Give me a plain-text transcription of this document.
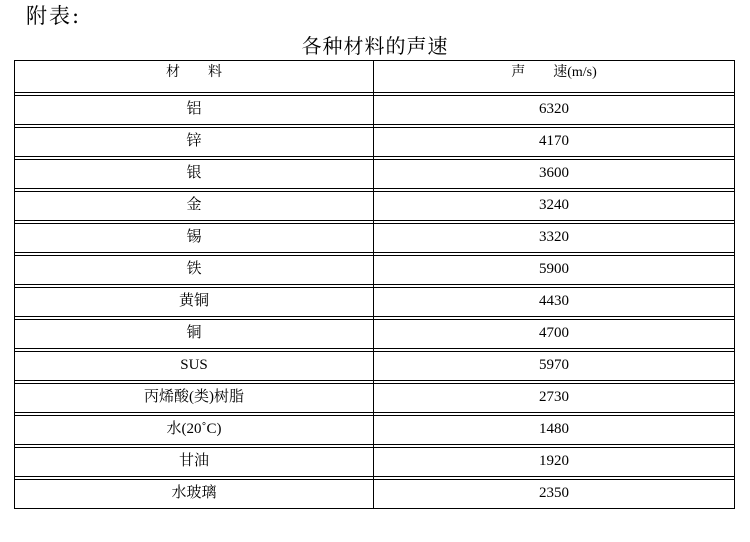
附表:
各种材料的声速
材　　料	声　　速(m/s)
铝	6320
锌	4170
银	3600
金	3240
锡	3320
铁	5900
黄铜	4430
铜	4700
SUS	5970
丙烯酸(类)树脂	2730
水(20˚C)	1480
甘油	1920
水玻璃	2350
